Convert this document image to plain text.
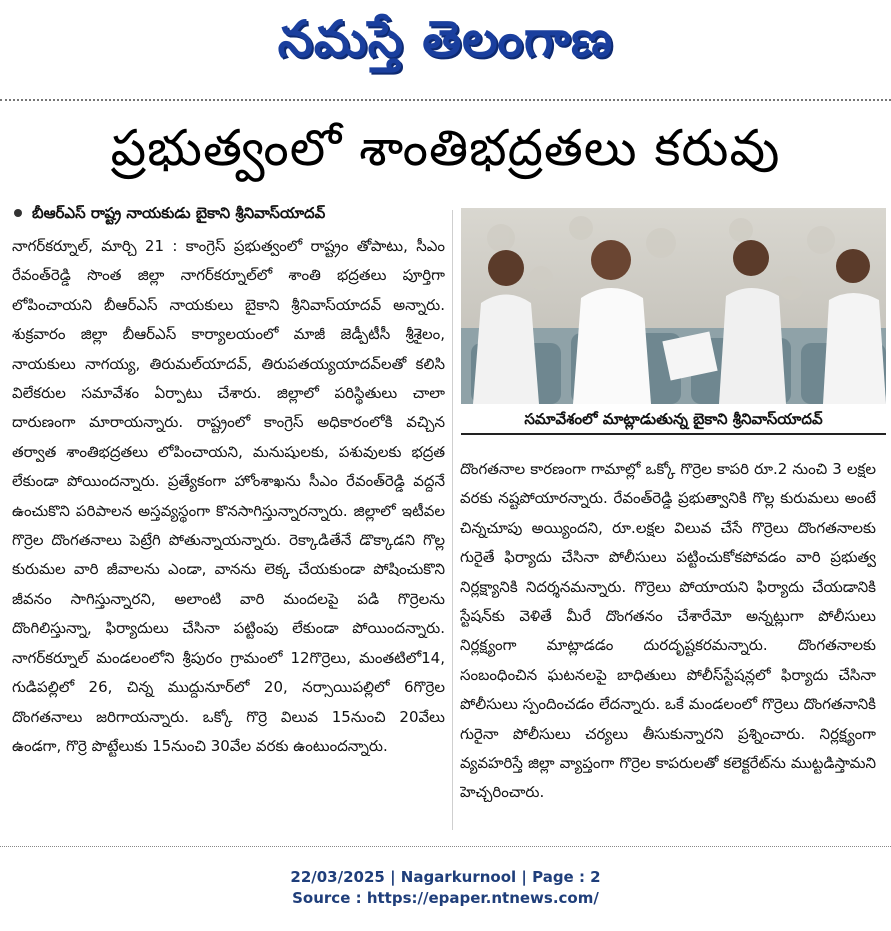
నమస్తే తెలంగాణ
ప్రభుత్వంలో శాంతిభద్రతలు కరువు
బీఆర్ఎస్ రాష్ట్ర నాయకుడు బైకాని శ్రీనివాస్‌యాదవ్

నాగర్‌కర్నూల్, మార్చి 21 : కాంగ్రెస్ ప్రభుత్వంలో రాష్ట్రం తోపాటు, సీఎం రేవంత్‌రెడ్డి సొంత జిల్లా నాగర్‌కర్నూల్‌లో శాంతి భద్రతలు పూర్తిగా లోపించాయని బీఆర్ఎస్ నాయకులు బైకాని శ్రీనివాస్‌యాదవ్ అన్నారు. శుక్రవారం జిల్లా బీఆర్ఎస్ కార్యాలయంలో మాజీ జెడ్పీటీసీ శ్రీశైలం, నాయకులు నాగయ్య, తిరుమల్‌యాదవ్, తిరుపతయ్యయాదవ్‌లతో కలిసి విలేకరుల సమావేశం ఏర్పాటు చేశారు. జిల్లాలో పరిస్థితులు చాలా దారుణంగా మారాయన్నారు. రాష్ట్రంలో కాంగ్రెస్ అధికారంలోకి వచ్చిన తర్వాత శాంతిభద్రతలు లోపించాయని, మనుషులకు, పశువులకు భద్రత లేకుండా పోయిందన్నారు. ప్రత్యేకంగా హోంశాఖను సీఎం రేవంత్‌రెడ్డి వద్దనే ఉంచుకొని పరిపాలన అస్తవ్యస్థంగా కొనసాగిస్తున్నారన్నారు. జిల్లాలో ఇటీవల గొర్రెల దొంగతనాలు పెట్రేగి పోతున్నాయన్నారు. రెక్కాడితేనే డొక్కాడని గొల్ల కురుమల వారి జీవాలను ఎండా, వానను లెక్క చేయకుండా పోషించుకొని జీవనం సాగిస్తున్నారని, అలాంటి వారి మందలపై పడి గొర్రెలను దొంగిలిస్తున్నా, ఫిర్యాదులు చేసినా పట్టింపు లేకుండా పోయిందన్నారు. నాగర్‌కర్నూల్ మండలంలోని శ్రీపురం గ్రామంలో 12గొర్రెలు, మంతటిలో14, గుడిపల్లిలో 26, చిన్న ముద్దునూర్‌లో 20, నర్సాయిపల్లిలో 6గొర్రెల దొంగతనాలు జరిగాయన్నారు. ఒక్కో గొర్రె విలువ 15నుంచి 20వేలు ఉండగా, గొర్రె పొట్టేలుకు 15నుంచి 30వేల వరకు ఉంటుందన్నారు.

సమావేశంలో మాట్లాడుతున్న బైకాని శ్రీనివాస్‌యాదవ్

దొంగతనాల కారణంగా గామాల్లో ఒక్కో గొర్రెల కాపరి రూ.2 నుంచి 3 లక్షల వరకు నష్టపోయారన్నారు. రేవంత్‌రెడ్డి ప్రభుత్వానికి గొల్ల కురుమలు అంటే చిన్నచూపు అయ్యిందని, రూ.లక్షల విలువ చేసే గొర్రెలు దొంగతనాలకు గురైతే ఫిర్యాదు చేసినా పోలీసులు పట్టించుకోకపోవడం వారి ప్రభుత్వ నిర్లక్ష్యానికి నిదర్శనమన్నారు. గొర్రెలు పోయాయని ఫిర్యాదు చేయడానికి స్టేషన్‌కు వెళితే మీరే దొంగతనం చేశారేమో అన్నట్లుగా పోలీసులు నిర్లక్ష్యంగా మాట్లాడడం దురదృష్టకరమన్నారు. దొంగతనాలకు సంబంధించిన ఘటనలపై బాధితులు పోలీస్‌స్టేషన్లలో ఫిర్యాదు చేసినా పోలీసులు స్పందించడం లేదన్నారు. ఒకే మండలంలో గొర్రెలు దొంగతనానికి గురైనా పోలీసులు చర్యలు తీసుకున్నారని ప్రశ్నించారు. నిర్లక్ష్యంగా వ్యవహరిస్తే జిల్లా వ్యాప్తంగా గొర్రెల కాపరులతో కలెక్టరేట్‌ను ముట్టడిస్తామని హెచ్చరించారు.

22/03/2025 | Nagarkurnool | Page : 2
Source : https://epaper.ntnews.com/
